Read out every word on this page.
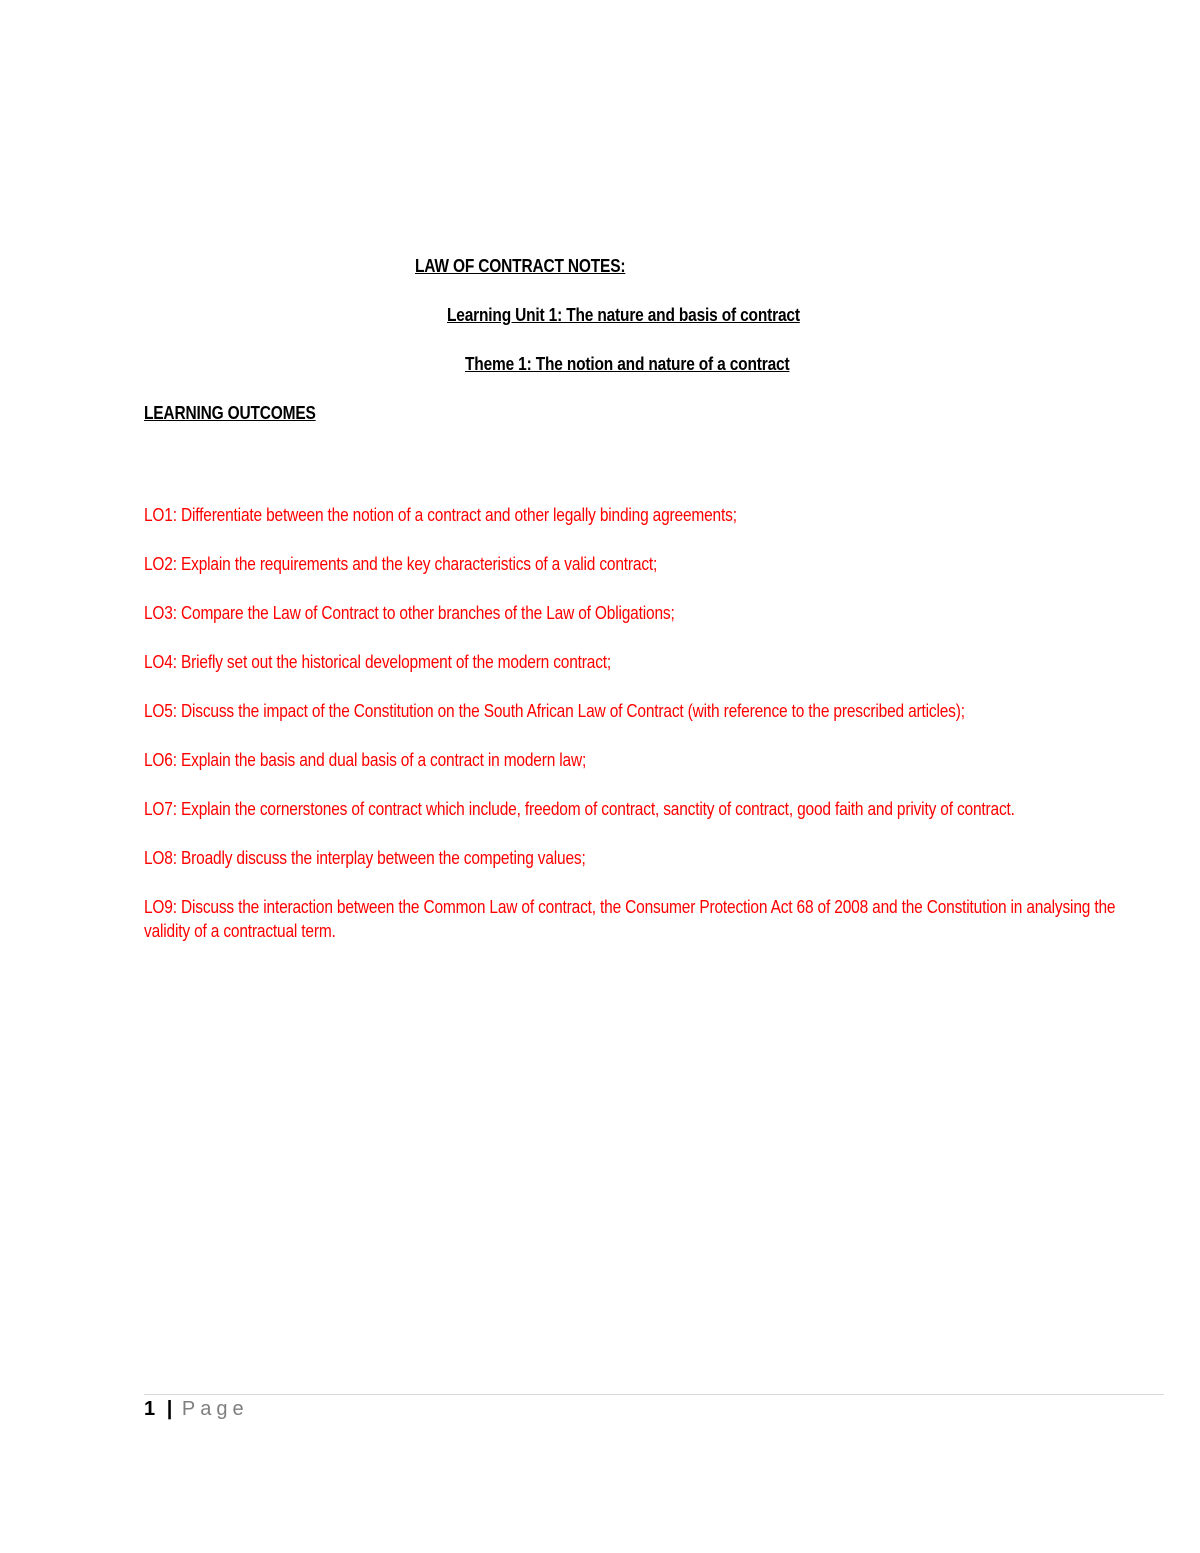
LAW OF CONTRACT NOTES:
Learning Unit 1: The nature and basis of contract
Theme 1: The notion and nature of a contract
LEARNING OUTCOMES
LO1: Differentiate between the notion of a contract and other legally binding agreements;
LO2: Explain the requirements and the key characteristics of a valid contract;
LO3: Compare the Law of Contract to other branches of the Law of Obligations;
LO4: Briefly set out the historical development of the modern contract;
LO5: Discuss the impact of the Constitution on the South African Law of Contract (with reference to the prescribed articles);
LO6: Explain the basis and dual basis of a contract in modern law;
LO7: Explain the cornerstones of contract which include, freedom of contract, sanctity of contract, good faith and privity of contract.
LO8: Broadly discuss the interplay between the competing values;
LO9: Discuss the interaction between the Common Law of contract, the Consumer Protection Act 68 of 2008 and the Constitution in analysing the validity of a contractual term.
1 | Page
